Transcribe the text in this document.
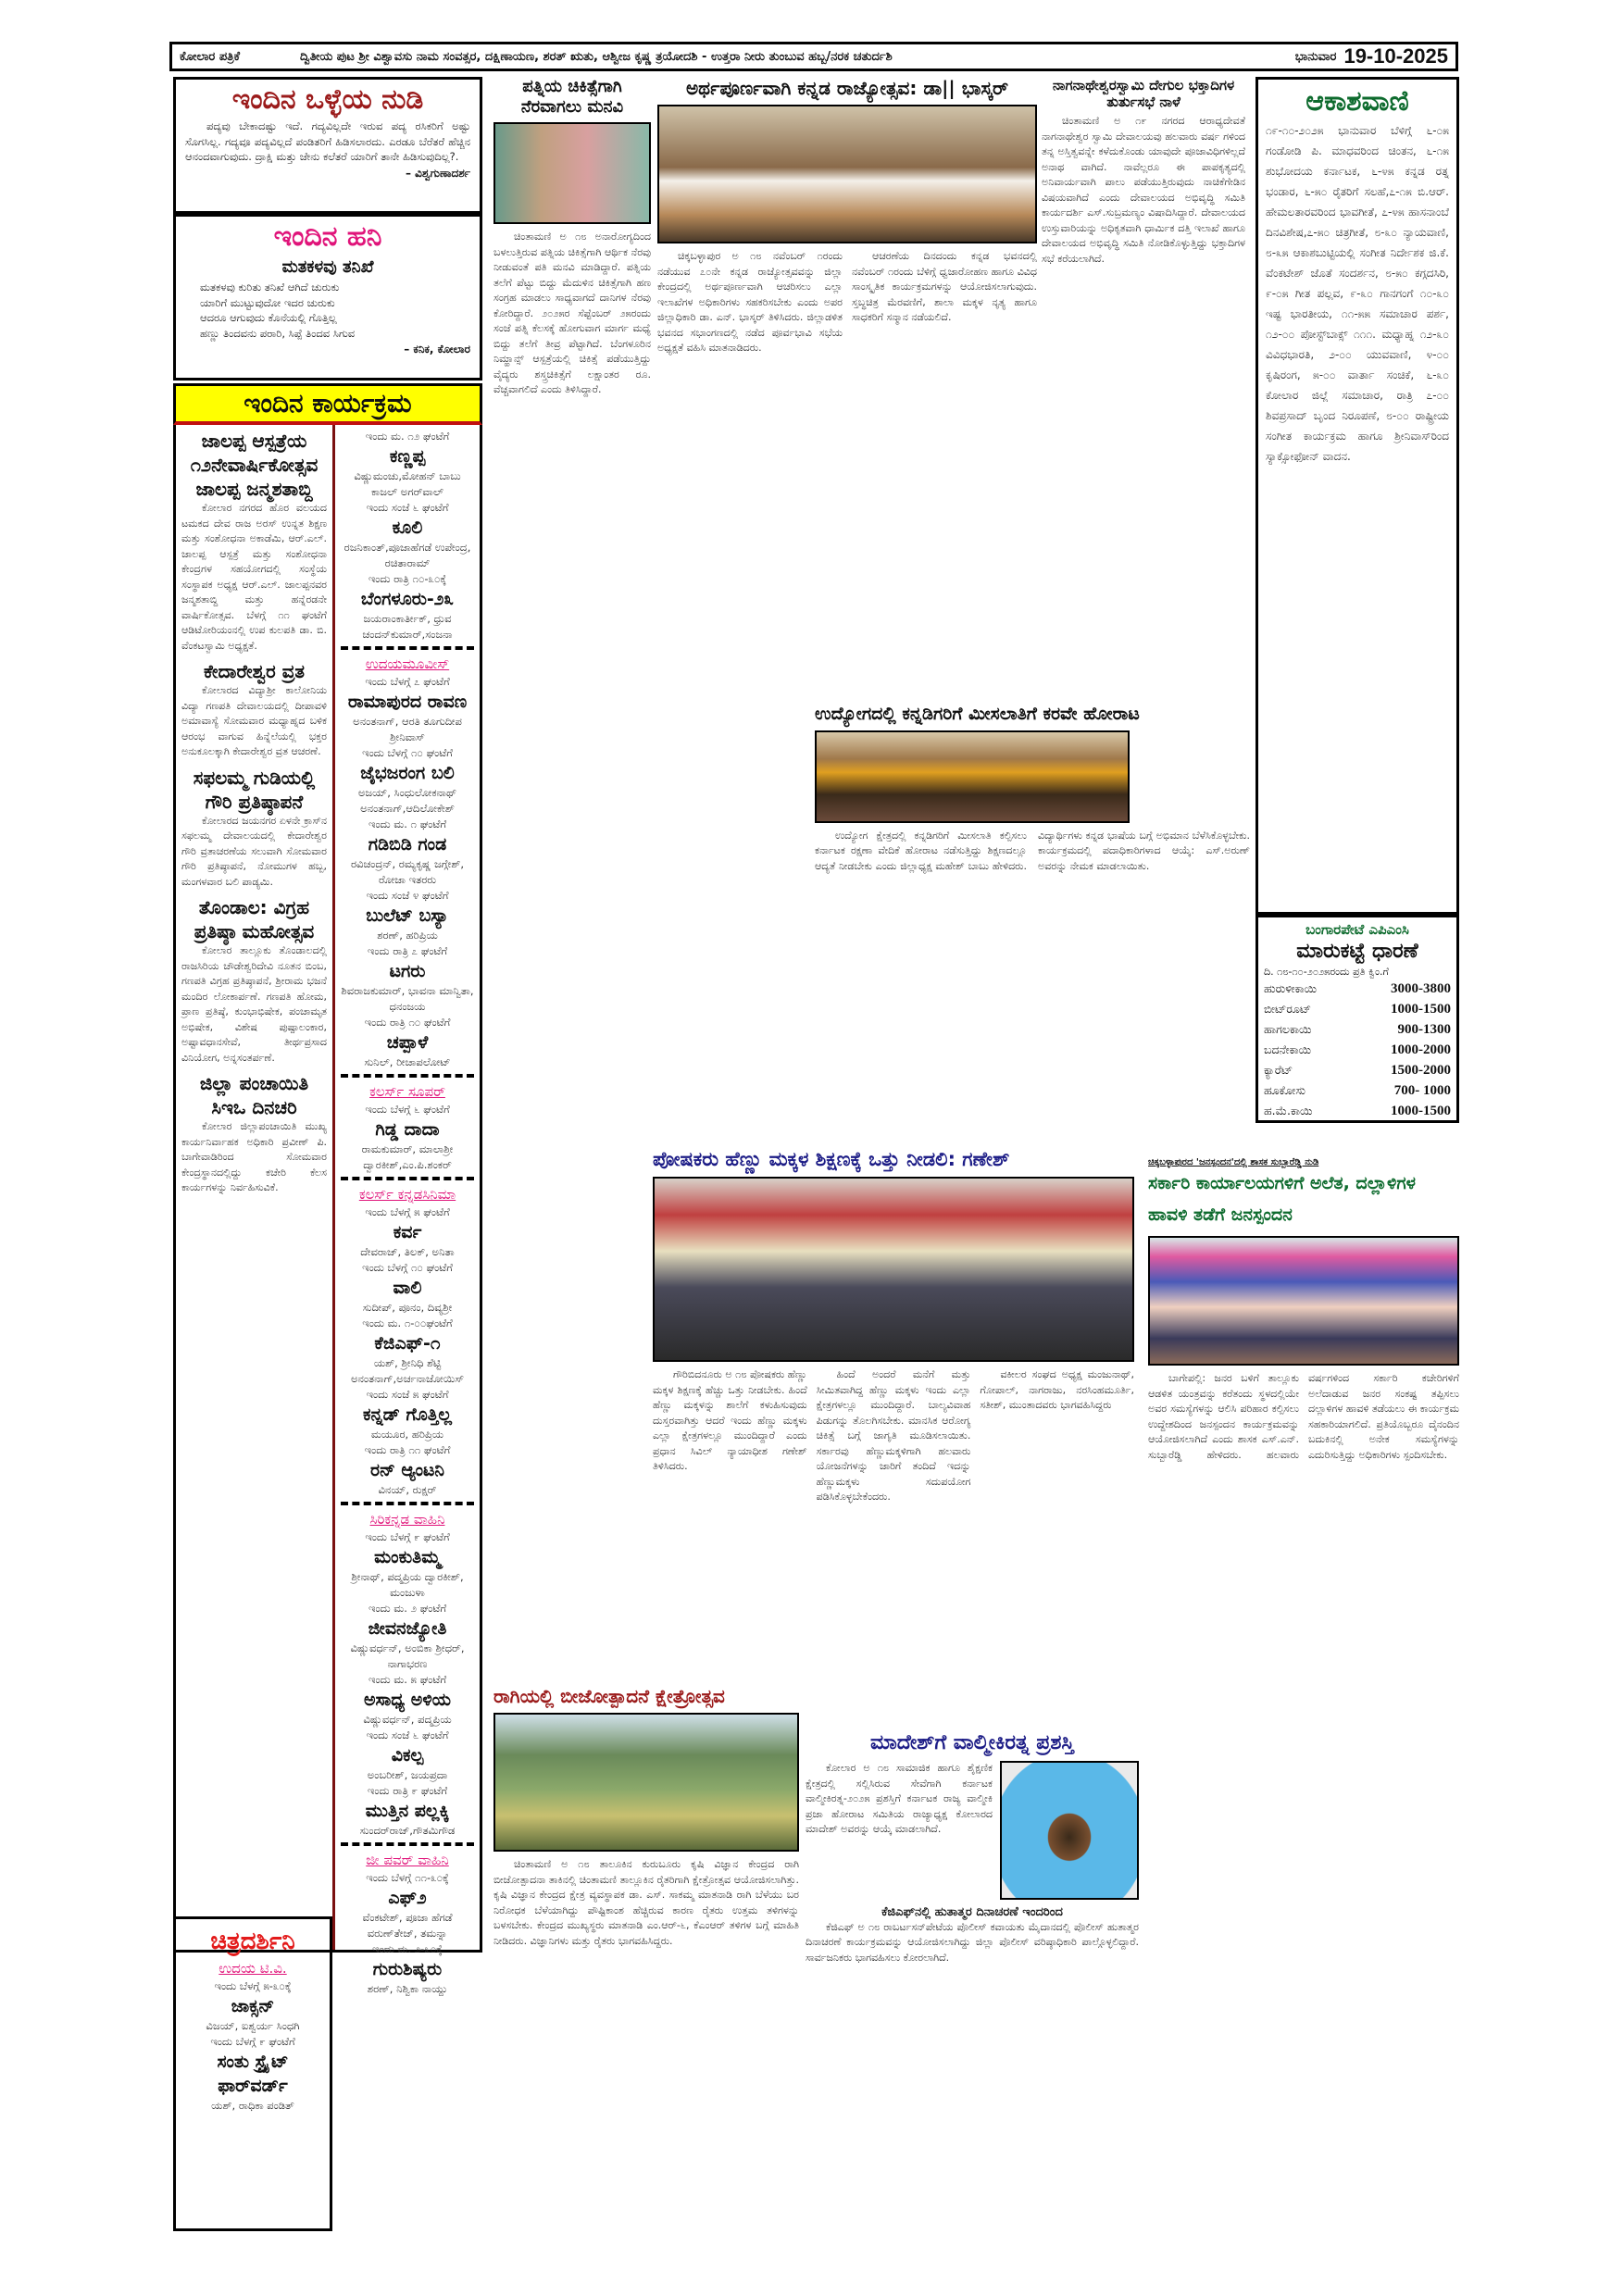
ಕೋಲಾರ ಪತ್ರಿಕೆ	ದ್ವಿತೀಯ ಪುಟ ಶ್ರೀ ವಿಶ್ವಾವಸು ನಾಮ ಸಂವತ್ಸರ, ದಕ್ಷಿಣಾಯಣ, ಶರತ್ ಋತು, ಆಶ್ವೀಜ ಕೃಷ್ಣ ತ್ರಯೋದಶಿ - ಉತ್ತರಾ ನೀರು ತುಂಬುವ ಹಬ್ಬ/ನರಕ ಚತುರ್ದಶಿ	ಭಾನುವಾರ 19-10-2025
ಇಂದಿನ ಒಳ್ಳೆಯ ನುಡಿ
ಪದ್ಯವು ಬೇಕಾದಷ್ಟು ಇದೆ. ಗದ್ಯವಿಲ್ಲದೇ ಇರುವ ಪದ್ಯ ರಸಿಕರಿಗೆ ಅಷ್ಟು ಸೊಗಸಿಲ್ಲ. ಗದ್ಯವೂ ಪದ್ಯವಿಲ್ಲದೆ ಪಂಡಿತರಿಗೆ ಹಿಡಿಸಲಾರದು. ಎರಡೂ ಬೆರೆತರೆ ಹೆಚ್ಚಿನ ಆನಂದವಾಗುವುದು. ದ್ರಾಕ್ಷಿ ಮತ್ತು ಜೇನು ಕಲೆತರೆ ಯಾರಿಗೆ ತಾನೇ ಹಿಡಿಸುವುದಿಲ್ಲ?.
– ವಿಶ್ವಗುಣಾದರ್ಶ
ಇಂದಿನ ಹನಿ
ಮತಕಳವು ತನಿಖೆ
ಮತಕಳವು ಕುರಿತು ತನಿಖೆ ಆಗಿದೆ ಚುರುಕು
ಯಾರಿಗೆ ಮುಟ್ಟುವುದೋ ಇದರ ಚುರುಕು
ಆದರೂ ಆಗುವುದು ಕೊನೆಯಲ್ಲಿ ಗೊತ್ತಿಲ್ಲ
ಹಣ್ಣು ತಿಂದವನು ಪರಾರಿ, ಸಿಪ್ಪೆ ತಿಂದವ ಸಿಗುವ
– ಕನಿಕ, ಕೋಲಾರ
ಇಂದಿನ ಕಾರ್ಯಕ್ರಮ
ಜಾಲಪ್ಪ ಆಸ್ಪತ್ರೆಯ ೧೨ನೇವಾರ್ಷಿಕೋತ್ಸವ ಜಾಲಪ್ಪ ಜನ್ಮಶತಾಬ್ದಿ
ಕೋಲಾರ ನಗರದ ಹೊರ ವಲಯದ ಟಮಕದ ದೇವ ರಾಜ ಅರಸ್ ಉನ್ನತ ಶಿಕ್ಷಣ ಮತ್ತು ಸಂಶೋಧನಾ ಅಕಾಡೆಮಿ, ಆರ್.ಎಲ್. ಜಾಲಪ್ಪ ಆಸ್ಪತ್ರೆ ಮತ್ತು ಸಂಶೋಧನಾ ಕೇಂದ್ರಗಳ ಸಹಯೋಗದಲ್ಲಿ ಸಂಸ್ಥೆಯ ಸಂಸ್ಥಾಪಕ ಅಧ್ಯಕ್ಷ ಆರ್.ಎಲ್. ಜಾಲಪ್ಪನವರ ಜನ್ಮಶತಾಬ್ದಿ ಮತ್ತು ಹನ್ನೆರಡನೇ ವಾರ್ಷಿಕೋತ್ಸವ. ಬೆಳಗ್ಗೆ ೧೧ ಘಂಟೆಗೆ ಆಡಿಟೋರಿಯಂನಲ್ಲಿ ಉಪ ಕುಲಪತಿ ಡಾ. ಬಿ. ವೆಂಕಟಸ್ವಾಮಿ ಅಧ್ಯಕ್ಷತೆ.
ಕೇದಾರೇಶ್ವರ ವ್ರತ
ಕೋಲಾರದ ವಿದ್ಯಾಶ್ರೀ ಕಾಲೋನಿಯ ವಿದ್ಯಾ ಗಣಪತಿ ದೇವಾಲಯದಲ್ಲಿ ದೀಪಾವಳಿ ಅಮಾವಾಸ್ಯೆ ಸೋಮವಾರ ಮಧ್ಯಾಹ್ನದ ಬಳಿಕ ಆರಂಭ ವಾಗುವ ಹಿನ್ನೆಲೆಯಲ್ಲಿ ಭಕ್ತರ ಅನುಕೂಲಕ್ಕಾಗಿ ಕೇದಾರೇಶ್ವರ ವ್ರತ ಆಚರಣೆ.
ಸಫಲಮ್ಮ ಗುಡಿಯಲ್ಲಿ ಗೌರಿ ಪ್ರತಿಷ್ಠಾಪನೆ
ಕೋಲಾರದ ಜಯನಗರ ಏಳನೇ ಕ್ರಾಸ್‌ನ ಸಫಲಮ್ಮ ದೇವಾಲಯದಲ್ಲಿ ಕೇದಾರೇಶ್ವರ ಗೌರಿ ವ್ರತಾಚರಣೆಯ ಸಲುವಾಗಿ ಸೋಮವಾರ ಗೌರಿ ಪ್ರತಿಷ್ಠಾಪನೆ, ನೋಮುಗಳ ಹಬ್ಬ, ಮಂಗಳವಾರ ಬಲಿ ಪಾಡ್ಯಮಿ.
ತೊಂಡಾಲ: ವಿಗ್ರಹ ಪ್ರತಿಷ್ಠಾ ಮಹೋತ್ಸವ
ಕೋಲಾರ ತಾಲ್ಲೂಕು ತೊಂಡಾಲದಲ್ಲಿ ರಾಜಸಿರಿಯ ಚೌಡೇಶ್ವರಿದೇವಿ ನೂತನ ಬಿಂಬ, ಗಣಪತಿ ವಿಗ್ರಹ ಪ್ರತಿಷ್ಠಾಪನೆ, ಶ್ರೀರಾಮ ಭಜನೆ ಮಂದಿರ ಲೋಕಾರ್ಪಣೆ. ಗಣಪತಿ ಹೋಮ, ಪ್ರಾಣ ಪ್ರತಿಷ್ಠೆ, ಕುಂಭಾಭಿಷೇಕ, ಪಂಚಾಮೃತ ಅಭಿಷೇಕ, ವಿಶೇಷ ಪುಷ್ಪಾಲಂಕಾರ, ಅಷ್ಟಾವಧಾನಸೇವೆ, ತೀರ್ಥಪ್ರಸಾದ ವಿನಿಯೋಗ, ಅನ್ನಸಂತರ್ಪಣೆ.
ಜಿಲ್ಲಾ ಪಂಚಾಯಿತಿ ಸಿಇಒ ದಿನಚರಿ
ಕೋಲಾರ ಜಿಲ್ಲಾಪಂಚಾಯಿತಿ ಮುಖ್ಯ ಕಾರ್ಯನಿರ್ವಾಹಕ ಅಧಿಕಾರಿ ಪ್ರವೀಣ್ ಪಿ. ಬಾಗೇವಾಡಿರಿಂದ ಸೋಮವಾರ ಕೇಂದ್ರಸ್ಥಾನದಲ್ಲಿದ್ದು ಕಚೇರಿ ಕೆಲಸ ಕಾರ್ಯಗಳನ್ನು ನಿರ್ವಹಿಸುವಿಕೆ.
ಇಂದು ಮ. ೧೨ ಘಂಟೆಗೆ
ಕಣ್ಣಪ್ಪ
ವಿಷ್ಣುಮಂಚು,ಮೋಹನ್ ಬಾಬು ಕಾಜಲ್ ಅಗರ್‌ವಾಲ್
ಇಂದು ಸಂಜೆ ೬ ಘಂಟೆಗೆ
ಕೂಲಿ
ರಜನಿಕಾಂತ್,ಪೂಜಾಹೆಗಡೆ ಉಪೇಂದ್ರ, ರಚಿತಾರಾಮ್
ಇಂದು ರಾತ್ರಿ ೧೦-೩೦ಕ್ಕೆ
ಬೆಂಗಳೂರು-೨೩
ಜಯರಾಂಕಾರ್ತೀಕ್, ಧ್ರುವ ಚಂದನ್‌ಕುಮಾರ್,ಸಂಜನಾ
ಉದಯಮೂವೀಸ್
ಇಂದು ಬೆಳಗ್ಗೆ ೭ ಘಂಟೆಗೆ
ರಾಮಾಪುರದ ರಾವಣ
ಅನಂತನಾಗ್, ಆರತಿ ತೂಗುದೀಪ ಶ್ರೀನಿವಾಸ್
ಇಂದು ಬೆಳಗ್ಗೆ ೧೦ ಘಂಟೆಗೆ
ಜೈಭಜರಂಗ ಬಲಿ
ಅಜಯ್, ಸಿಂಧುಲೋಕನಾಥ್ ಅನಂತನಾಗ್,ಆದಿಲೋಕೇಶ್
ಇಂದು ಮ. ೧ ಘಂಟೆಗೆ
ಗಡಿಬಿಡಿ ಗಂಡ
ರವಿಚಂದ್ರನ್, ರಮ್ಯಕೃಷ್ಣ ಜಗ್ಗೇಶ್, ರೋಜಾ ಇತರರು
ಇಂದು ಸಂಜೆ ೪ ಘಂಟೆಗೆ
ಬುಲೆಟ್ ಬಸ್ಯಾ
ಶರಣ್, ಹರಿಪ್ರಿಯ
ಇಂದು ರಾತ್ರಿ ೭ ಘಂಟೆಗೆ
ಟಗರು
ಶಿವರಾಜಕುಮಾರ್, ಭಾವನಾ ಮಾನ್ವಿತಾ, ಧನಂಜಯ
ಇಂದು ರಾತ್ರಿ ೧೦ ಘಂಟೆಗೆ
ಚಪ್ಪಾಳೆ
ಸುನಿಲ್, ರೀಚಾಪಲೋಟ್
ಕಲರ್ಸ್ ಸೂಪರ್
ಇಂದು ಬೆಳಗ್ಗೆ ೬ ಘಂಟೆಗೆ
ಗಿಡ್ಡ ದಾದಾ
ರಾಮಕುಮಾರ್, ಮಾಲಾಶ್ರೀ ದ್ವಾರಕೀಶ್,ಎಂ.ಪಿ.ಶಂಕರ್
ಕಲರ್ಸ್ ಕನ್ನಡಸಿನಿಮಾ
ಇಂದು ಬೆಳಗ್ಗೆ ೫ ಘಂಟೆಗೆ
ಕರ್ವ
ದೇವರಾಜ್, ತಿಲಕ್, ಅನಿತಾ
ಇಂದು ಬೆಳಗ್ಗೆ ೧೦ ಘಂಟೆಗೆ
ವಾಲಿ
ಸುದೀಪ್, ಪೂನಂ, ದಿವ್ಯಶ್ರೀ
ಇಂದು ಮ. ೧-೦೦ಘಂಟೆಗೆ
ಕೆಜಿಎಫ್-೧
ಯಶ್, ಶ್ರೀನಿಧಿ ಶೆಟ್ಟಿ ಅನಂತನಾಗ್,ಅರ್ಚನಾಜೋಯಿಸ್
ಇಂದು ಸಂಜೆ ೫ ಘಂಟೆಗೆ
ಕನ್ನಡ್ ಗೊತ್ತಿಲ್ಲ
ಮಯೂರ, ಹರಿಪ್ರಿಯ
ಇಂದು ರಾತ್ರಿ ೧೧ ಘಂಟೆಗೆ
ರನ್ ಆ್ಯಂಟನಿ
ವಿನಯ್, ರುಕ್ಷರ್
ಸಿರಿಕನ್ನಡ ವಾಹಿನಿ
ಇಂದು ಬೆಳಗ್ಗೆ ೯ ಘಂಟೆಗೆ
ಮಂಕುತಿಮ್ಮ
ಶ್ರೀನಾಥ್, ಪದ್ಮಪ್ರಿಯ ದ್ವಾರಕೀಶ್, ಮಂಜುಳಾ
ಇಂದು ಮ. ೨ ಘಂಟೆಗೆ
ಜೀವನಜ್ಯೋತಿ
ವಿಷ್ಣುವರ್ಧನ್, ಅಂಬಿಕಾ ಶ್ರೀಧರ್, ನಾಗಾಭರಣ
ಇಂದು ಮ. ೫ ಘಂಟೆಗೆ
ಅಸಾಧ್ಯ ಅಳಿಯ
ವಿಷ್ಣುವರ್ಧನ್, ಪದ್ಮಪ್ರಿಯ
ಇಂದು ಸಂಜೆ ೬ ಘಂಟೆಗೆ
ವಿಕಲ್ಪ
ಅಂಬರೀಶ್, ಜಯಪ್ರದಾ
ಇಂದು ರಾತ್ರಿ ೯ ಘಂಟೆಗೆ
ಮುತ್ತಿನ ಪಲ್ಲಕ್ಕಿ
ಸುಂದರ್‌ರಾಜ್,ಗೌತಮಿಗೌಡ
ಜೀ ಪವರ್ ವಾಹಿನಿ
ಇಂದು ಬೆಳಗ್ಗೆ ೧೧-೩೦ಕ್ಕೆ
ಎಫ್೨
ವೆಂಕಟೇಶ್, ಪೂಜಾ ಹೆಗಡೆ ವರುಣ್‌ತೇಜ್, ತಮನ್ನಾ
ಇಂದು ಮ. ೨-೩೦ಕ್ಕೆ
ಗುರುಶಿಷ್ಯರು
ಶರಣ್, ನಿಶ್ವಿಕಾ ನಾಯ್ದು
ಚಿತ್ರದರ್ಶಿನಿ
ಉದಯ ಟಿ.ವಿ.
ಇಂದು ಬೆಳಗ್ಗೆ ೫-೩೦ಕ್ಕೆ
ಜಾಕ್ಸನ್
ವಿಜಯ್, ಐಶ್ವರ್ಯ ಸಿಂಧಗಿ
ಇಂದು ಬೆಳಗ್ಗೆ ೯ ಘಂಟೆಗೆ
ಸಂತು ಸ್ಟ್ರೈಟ್ ಫಾರ್‌ವರ್ಡ್
ಯಶ್, ರಾಧಿಕಾ ಪಂಡಿತ್
ಪತ್ನಿಯ ಚಿಕಿತ್ಸೆಗಾಗಿ ನೆರವಾಗಲು ಮನವಿ
ಚಿಂತಾಮಣಿ ಅ ೧೮ ಅನಾರೋಗ್ಯದಿಂದ ಬಳಲುತ್ತಿರುವ ಪತ್ನಿಯ ಚಿಕಿತ್ಸೆಗಾಗಿ ಆರ್ಥಿಕ ನೆರವು ನೀಡುವಂತೆ ಪತಿ ಮನವಿ ಮಾಡಿದ್ದಾರೆ. ಪತ್ನಿಯ ತಲೆಗೆ ಪೆಟ್ಟು ಬಿದ್ದು ಮೆದುಳಿನ ಚಿಕಿತ್ಸೆಗಾಗಿ ಹಣ ಸಂಗ್ರಹ ಮಾಡಲು ಸಾಧ್ಯವಾಗದೆ ದಾನಿಗಳ ನೆರವು ಕೋರಿದ್ದಾರೆ. ೨೦೨೫ರ ಸೆಪ್ಟೆಂಬರ್ ೨೫ರಂದು ಸಂಜೆ ಪತ್ನಿ ಕೆಲಸಕ್ಕೆ ಹೋಗುವಾಗ ಮಾರ್ಗ ಮಧ್ಯೆ ಬಿದ್ದು ತಲೆಗೆ ತೀವ್ರ ಪೆಟ್ಟಾಗಿದೆ. ಬೆಂಗಳೂರಿನ ನಿಮ್ಹಾನ್ಸ್ ಆಸ್ಪತ್ರೆಯಲ್ಲಿ ಚಿಕಿತ್ಸೆ ಪಡೆಯುತ್ತಿದ್ದು ವೈದ್ಯರು ಶಸ್ತ್ರಚಿಕಿತ್ಸೆಗೆ ಲಕ್ಷಾಂತರ ರೂ. ವೆಚ್ಚವಾಗಲಿದೆ ಎಂದು ತಿಳಿಸಿದ್ದಾರೆ.
ಅರ್ಥಪೂರ್ಣವಾಗಿ ಕನ್ನಡ ರಾಜ್ಯೋತ್ಸವ: ಡಾ|| ಭಾಸ್ಕರ್
ಚಿಕ್ಕಬಳ್ಳಾಪುರ ಅ ೧೮ ನವೆಂಬರ್ ೧ರಂದು ನಡೆಯುವ ೭೦ನೇ ಕನ್ನಡ ರಾಜ್ಯೋತ್ಸವವನ್ನು ಜಿಲ್ಲಾ ಕೇಂದ್ರದಲ್ಲಿ ಅರ್ಥಪೂರ್ಣವಾಗಿ ಆಚರಿಸಲು ಎಲ್ಲಾ ಇಲಾಖೆಗಳ ಅಧಿಕಾರಿಗಳು ಸಹಕರಿಸಬೇಕು ಎಂದು ಅಪರ ಜಿಲ್ಲಾಧಿಕಾರಿ ಡಾ. ಎನ್. ಭಾಸ್ಕರ್ ತಿಳಿಸಿದರು. ಜಿಲ್ಲಾಡಳಿತ ಭವನದ ಸಭಾಂಗಣದಲ್ಲಿ ನಡೆದ ಪೂರ್ವಭಾವಿ ಸಭೆಯ ಅಧ್ಯಕ್ಷತೆ ವಹಿಸಿ ಮಾತನಾಡಿದರು.
ಆಚರಣೆಯ ದಿನದಂದು ಕನ್ನಡ ಭವನದಲ್ಲಿ ನವೆಂಬರ್ ೧ರಂದು ಬೆಳಿಗ್ಗೆ ಧ್ವಜಾರೋಹಣ ಹಾಗೂ ವಿವಿಧ ಸಾಂಸ್ಕೃತಿಕ ಕಾರ್ಯಕ್ರಮಗಳನ್ನು ಆಯೋಜಿಸಲಾಗುವುದು. ಸ್ತಬ್ಧಚಿತ್ರ ಮೆರವಣಿಗೆ, ಶಾಲಾ ಮಕ್ಕಳ ನೃತ್ಯ ಹಾಗೂ ಸಾಧಕರಿಗೆ ಸನ್ಮಾನ ನಡೆಯಲಿದೆ.
ನಾಗನಾಥೇಶ್ವರಸ್ವಾಮಿ ದೇಗುಲ ಭಕ್ತಾದಿಗಳ ತುರ್ತುಸಭೆ ನಾಳೆ
ಚಿಂತಾಮಣಿ ಅ ೧೯ ನಗರದ ಆರಾಧ್ಯದೇವತೆ ನಾಗನಾಥೇಶ್ವರ ಸ್ವಾಮಿ ದೇವಾಲಯವು ಹಲವಾರು ವರ್ಷ ಗಳಿಂದ ತನ್ನ ಅಸ್ತಿತ್ವವನ್ನೇ ಕಳೆದುಕೊಂಡು ಯಾವುದೇ ಪೂಜಾವಿಧಿಗಳಿಲ್ಲದೆ ಅನಾಥ ವಾಗಿದೆ. ನಾವೆಲ್ಲರೂ ಈ ಪಾಪಕೃತ್ಯದಲ್ಲಿ ಅನಿವಾರ್ಯವಾಗಿ ಪಾಲು ಪಡೆಯುತ್ತಿರುವುದು ನಾಚಿಕೆಗೇಡಿನ ವಿಷಯವಾಗಿದೆ ಎಂದು ದೇವಾಲಯದ ಅಭಿವೃದ್ಧಿ ಸಮಿತಿ ಕಾರ್ಯದರ್ಶಿ ಎಸ್.ಸುಬ್ರಮಣ್ಯಂ ವಿಷಾದಿಸಿದ್ದಾರೆ. ದೇವಾಲಯದ ಉಸ್ತುವಾರಿಯನ್ನು ಅಧಿಕೃತವಾಗಿ ಧಾರ್ಮಿಕ ದತ್ತಿ ಇಲಾಖೆ ಹಾಗೂ ದೇವಾಲಯದ ಅಭಿವೃದ್ಧಿ ಸಮಿತಿ ನೋಡಿಕೊಳ್ಳುತ್ತಿದ್ದು ಭಕ್ತಾದಿಗಳ ಸಭೆ ಕರೆಯಲಾಗಿದೆ.
ಆಕಾಶವಾಣಿ
೧೯-೧೦-೨೦೨೫ ಭಾನುವಾರ ಬೆಳಿಗ್ಗೆ ೬-೦೫ ಗಂಡೋಡಿ ಪಿ. ಮಾಧವರಿಂದ ಚಿಂತನ, ೬-೧೫ ಶುಭೋದಯ ಕರ್ನಾಟಕ, ೬-೪೫ ಕನ್ನಡ ರತ್ನ ಭಂಡಾರ, ೬-೫೦ ರೈತರಿಗೆ ಸಲಹೆ,೭-೧೫ ಬಿ.ಆರ್. ಹೇಮಲತಾರವರಿಂದ ಭಾವಗೀತೆ, ೭-೪೫ ಹಾಸನಾಂಬೆ ದಿನವಿಶೇಷ,೭-೫೦ ಚಿತ್ರಗೀತೆ, ೮-೩೦ ನ್ಯಾಯವಾಣಿ, ೮-೩೫ ಆಕಾಶಬುಟ್ಟಿಯಲ್ಲಿ ಸಂಗೀತ ನಿರ್ದೇಶಕ ಜಿ.ಕೆ. ವೆಂಕಟೇಶ್ ಜೊತೆ ಸಂದರ್ಶನ, ೮-೫೦ ಕಗ್ಗದಸಿರಿ, ೯-೦೫ ಗೀತ ಪಲ್ಲವ, ೯-೩೦ ಗಾನಗಂಗೆ ೧೦-೩೦ ಇಷ್ಟ ಭಾರತೀಯ, ೧೧-೫೫ ಸಮಾಚಾರ ಪರ್ಶ, ೧೨-೦೦ ಪೋಸ್ಟ್‌ಬಾಕ್ಸ್ ೧೧೧. ಮಧ್ಯಾಹ್ನ ೧೨-೩೦ ವಿವಿಧಭಾರತಿ, ೨-೦೦ ಯುವವಾಣಿ, ೪-೦೦ ಕೃಷಿರಂಗ, ೫-೦೦ ವಾರ್ತಾ ಸಂಚಿಕೆ, ೬-೩೦ ಕೋಲಾರ ಜಿಲ್ಲೆ ಸಮಾಚಾರ, ರಾತ್ರಿ ೭-೦೦ ಶಿವಪ್ರಸಾದ್ ಬೃಂದ ನಿರೂಪಣೆ, ೮-೦೦ ರಾಷ್ಟ್ರೀಯ ಸಂಗೀತ ಕಾರ್ಯಕ್ರಮ ಹಾಗೂ ಶ್ರೀನಿವಾಸ್‌ರಿಂದ ಸ್ಯಾಕ್ಸೋಫೋನ್ ವಾದನ.
ಬಂಗಾರಪೇಟೆ ಎಪಿಎಂಸಿ
ಮಾರುಕಟ್ಟೆ ಧಾರಣೆ
ದಿ. ೧೮-೧೦-೨೦೨೫ರಂದು ಪ್ರತಿ ಕ್ವಿಂ.ಗೆ
ಹುರುಳೀಕಾಯಿ	3000-3800
ಬೀಟ್‌ರೂಟ್	1000-1500
ಹಾಗಲಕಾಯಿ	900-1300
ಬದನೇಕಾಯಿ	1000-2000
ಕ್ಯಾರೆಟ್	1500-2000
ಹೂಕೋಸು	700- 1000
ಹ.ಮೆ.ಕಾಯಿ	1000-1500
ಉದ್ಯೋಗದಲ್ಲಿ ಕನ್ನಡಿಗರಿಗೆ ಮೀಸಲಾತಿಗೆ ಕರವೇ ಹೋರಾಟ
ಉದ್ಯೋಗ ಕ್ಷೇತ್ರದಲ್ಲಿ ಕನ್ನಡಿಗರಿಗೆ ಮೀಸಲಾತಿ ಕಲ್ಪಿಸಲು ಕರ್ನಾಟಕ ರಕ್ಷಣಾ ವೇದಿಕೆ ಹೋರಾಟ ನಡೆಸುತ್ತಿದ್ದು ಶಿಕ್ಷಣದಲ್ಲೂ ಆದ್ಯತೆ ನೀಡಬೇಕು ಎಂದು ಜಿಲ್ಲಾಧ್ಯಕ್ಷ ಮಹೇಶ್ ಬಾಬು ಹೇಳಿದರು. ವಿದ್ಯಾರ್ಥಿಗಳು ಕನ್ನಡ ಭಾಷೆಯ ಬಗ್ಗೆ ಅಭಿಮಾನ ಬೆಳೆಸಿಕೊಳ್ಳಬೇಕು. ಕಾರ್ಯಕ್ರಮದಲ್ಲಿ ಪದಾಧಿಕಾರಿಗಳಾದ ಆಯ್ಕೆ: ಎಸ್.ಅರುಣ್ ಅವರನ್ನು ನೇಮಕ ಮಾಡಲಾಯಿತು.
ಪೋಷಕರು ಹೆಣ್ಣು ಮಕ್ಕಳ ಶಿಕ್ಷಣಕ್ಕೆ ಒತ್ತು ನೀಡಲಿ: ಗಣೇಶ್
ಗೌರಿಬಿದನೂರು ಅ ೧೮ ಪೋಷಕರು ಹೆಣ್ಣು ಮಕ್ಕಳ ಶಿಕ್ಷಣಕ್ಕೆ ಹೆಚ್ಚು ಒತ್ತು ನೀಡಬೇಕು. ಹಿಂದೆ ಹೆಣ್ಣು ಮಕ್ಕಳನ್ನು ಶಾಲೆಗೆ ಕಳುಹಿಸುವುದು ದುಸ್ತರವಾಗಿತ್ತು ಆದರೆ ಇಂದು ಹೆಣ್ಣು ಮಕ್ಕಳು ಎಲ್ಲಾ ಕ್ಷೇತ್ರಗಳಲ್ಲೂ ಮುಂದಿದ್ದಾರೆ ಎಂದು ಪ್ರಧಾನ ಸಿವಿಲ್ ನ್ಯಾಯಾಧೀಶ ಗಣೇಶ್ ತಿಳಿಸಿದರು.
ಹಿಂದೆ ಅಂದರೆ ಮನೆಗೆ ಮತ್ತು ಸೀಮಿತವಾಗಿದ್ದ ಹೆಣ್ಣು ಮಕ್ಕಳು ಇಂದು ಎಲ್ಲಾ ಕ್ಷೇತ್ರಗಳಲ್ಲೂ ಮುಂದಿದ್ದಾರೆ. ಬಾಲ್ಯವಿವಾಹ ಪಿಡುಗನ್ನು ತೊಲಗಿಸಬೇಕು. ಮಾನಸಿಕ ಆರೋಗ್ಯ ಚಿಕಿತ್ಸೆ ಬಗ್ಗೆ ಜಾಗೃತಿ ಮೂಡಿಸಲಾಯಿತು. ಸರ್ಕಾರವು ಹೆಣ್ಣುಮಕ್ಕಳಿಗಾಗಿ ಹಲವಾರು ಯೋಜನೆಗಳನ್ನು ಜಾರಿಗೆ ತಂದಿದೆ ಇದನ್ನು ಹೆಣ್ಣುಮಕ್ಕಳು ಸದುಪಯೋಗ ಪಡಿಸಿಕೊಳ್ಳಬೇಕೆಂದರು.
ವಕೀಲರ ಸಂಘದ ಅಧ್ಯಕ್ಷ ಮಂಜುನಾಥ್, ಗೋಪಾಲ್, ನಾಗರಾಜು, ನರಸಿಂಹಮೂರ್ತಿ, ಸತೀಶ್, ಮುಂತಾದವರು ಭಾಗವಹಿಸಿದ್ದರು
ಚಿಕ್ಕಬಳ್ಳಾಪುರದ 'ಜನಸ್ಪಂದನ'ದಲ್ಲಿ ಶಾಸಕ ಸುಬ್ಬಾರೆಡ್ಡಿ ನುಡಿ
ಸರ್ಕಾರಿ ಕಾರ್ಯಾಲಯಗಳಿಗೆ ಅಲೆತ, ದಲ್ಲಾಳಿಗಳ ಹಾವಳಿ ತಡೆಗೆ ಜನಸ್ಪಂದನ
ಬಾಗೇಪಲ್ಲಿ: ಜನರ ಬಳಿಗೆ ತಾಲ್ಲೂಕು ಆಡಳಿತ ಯಂತ್ರವನ್ನು ಕರೆತಂದು ಸ್ಥಳದಲ್ಲಿಯೇ ಅವರ ಸಮಸ್ಯೆಗಳನ್ನು ಆಲಿಸಿ ಪರಿಹಾರ ಕಲ್ಪಿಸಲು ಉದ್ದೇಶದಿಂದ ಜನಸ್ಪಂದನ ಕಾರ್ಯಕ್ರಮವನ್ನು ಆಯೋಜಿಸಲಾಗಿದೆ ಎಂದು ಶಾಸಕ ಎಸ್.ಎನ್. ಸುಬ್ಬಾರೆಡ್ಡಿ ಹೇಳಿದರು. ಹಲವಾರು ವರ್ಷಗಳಿಂದ ಸರ್ಕಾರಿ ಕಚೇರಿಗಳಿಗೆ ಅಲೆದಾಡುವ ಜನರ ಸಂಕಷ್ಟ ತಪ್ಪಿಸಲು ದಲ್ಲಾಳಿಗಳ ಹಾವಳಿ ತಡೆಯಲು ಈ ಕಾರ್ಯಕ್ರಮ ಸಹಕಾರಿಯಾಗಲಿದೆ. ಪ್ರತಿಯೊಬ್ಬರೂ ದೈನಂದಿನ ಬದುಕಿನಲ್ಲಿ ಅನೇಕ ಸಮಸ್ಯೆಗಳನ್ನು ಎದುರಿಸುತ್ತಿದ್ದು ಅಧಿಕಾರಿಗಳು ಸ್ಪಂದಿಸಬೇಕು.
ರಾಗಿಯಲ್ಲಿ ಬೀಜೋತ್ಪಾದನೆ ಕ್ಷೇತ್ರೋತ್ಸವ
ಚಿಂತಾಮಣಿ ಅ ೧೮ ತಾಲೂಕಿನ ಕುರುಬೂರು ಕೃಷಿ ವಿಜ್ಞಾನ ಕೇಂದ್ರದ ರಾಗಿ ಬೀಜೋತ್ಪಾದನಾ ತಾಕಿನಲ್ಲಿ ಚಿಂತಾಮಣಿ ತಾಲ್ಲೂಕಿನ ರೈತರಿಗಾಗಿ ಕ್ಷೇತ್ರೋತ್ಸವ ಆಯೋಜಿಸಲಾಗಿತ್ತು. ಕೃಷಿ ವಿಜ್ಞಾನ ಕೇಂದ್ರದ ಕ್ಷೇತ್ರ ವ್ಯವಸ್ಥಾಪಕ ಡಾ. ಎಸ್. ಸಾಕಮ್ಮ ಮಾತನಾಡಿ ರಾಗಿ ಬೆಳೆಯು ಬರ ನಿರೋಧಕ ಬೆಳೆಯಾಗಿದ್ದು ಪೌಷ್ಟಿಕಾಂಶ ಹೆಚ್ಚಿರುವ ಕಾರಣ ರೈತರು ಉತ್ತಮ ತಳಿಗಳನ್ನು ಬಳಸಬೇಕು. ಕೇಂದ್ರದ ಮುಖ್ಯಸ್ಥರು ಮಾತನಾಡಿ ಎಂ.ಆರ್-೬, ಕೆಎಂಆರ್ ತಳಿಗಳ ಬಗ್ಗೆ ಮಾಹಿತಿ ನೀಡಿದರು. ವಿಜ್ಞಾನಿಗಳು ಮತ್ತು ರೈತರು ಭಾಗವಹಿಸಿದ್ದರು.
ಮಾದೇಶ್‌ಗೆ ವಾಲ್ಮೀಕಿರತ್ನ ಪ್ರಶಸ್ತಿ
ಕೋಲಾರ ಅ ೧೮ ಸಾಮಾಜಿಕ ಹಾಗೂ ಶೈಕ್ಷಣಿಕ ಕ್ಷೇತ್ರದಲ್ಲಿ ಸಲ್ಲಿಸಿರುವ ಸೇವೆಗಾಗಿ ಕರ್ನಾಟಕ ವಾಲ್ಮೀಕಿರತ್ನ-೨೦೨೫ ಪ್ರಶಸ್ತಿಗೆ ಕರ್ನಾಟಕ ರಾಜ್ಯ ವಾಲ್ಮೀಕಿ ಪ್ರಜಾ ಹೋರಾಟ ಸಮಿತಿಯ ರಾಜ್ಯಾಧ್ಯಕ್ಷ ಕೋಲಾರದ ಮಾದೇಶ್ ಅವರನ್ನು ಆಯ್ಕೆ ಮಾಡಲಾಗಿದೆ.
ಕೆಜಿಎಫ್‌ನಲ್ಲಿ ಹುತಾತ್ಮರ ದಿನಾಚರಣೆ ಇಂದರಿಂದ
ಕೆಜಿಎಫ್ ಅ ೧೮ ರಾಬರ್ಟಸನ್‌ಪೇಟೆಯ ಪೊಲೀಸ್ ಕವಾಯತು ಮೈದಾನದಲ್ಲಿ ಪೊಲೀಸ್ ಹುತಾತ್ಮರ ದಿನಾಚರಣೆ ಕಾರ್ಯಕ್ರಮವನ್ನು ಆಯೋಜಿಸಲಾಗಿದ್ದು ಜಿಲ್ಲಾ ಪೊಲೀಸ್ ವರಿಷ್ಠಾಧಿಕಾರಿ ಪಾಲ್ಗೊಳ್ಳಲಿದ್ದಾರೆ. ಸಾರ್ವಜನಿಕರು ಭಾಗವಹಿಸಲು ಕೋರಲಾಗಿದೆ.
